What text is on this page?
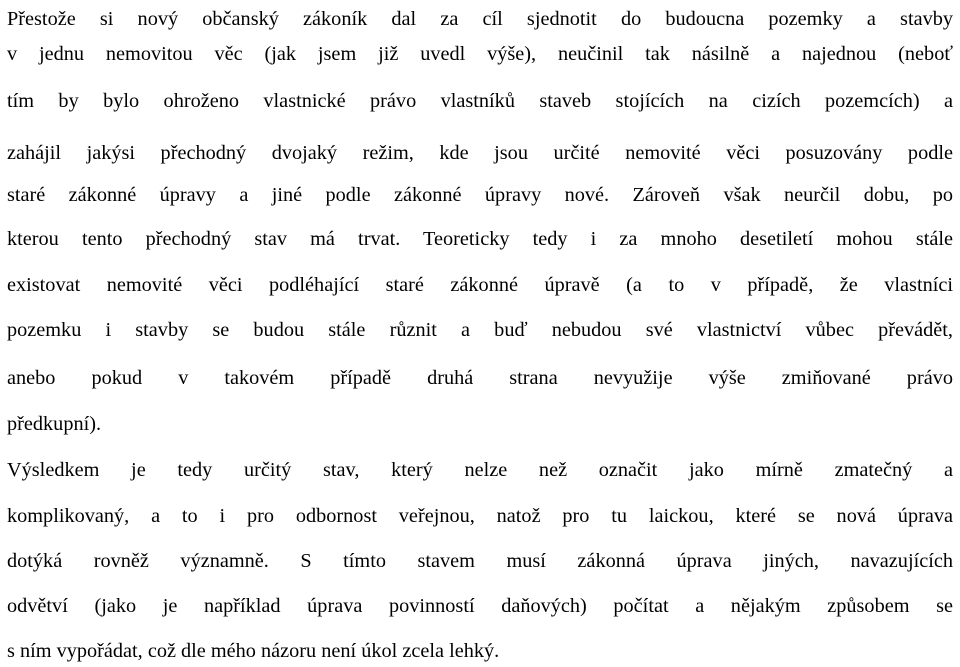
Přestože si nový občanský zákoník dal za cíl sjednotit do budoucna pozemky a stavby
v jednu nemovitou věc (jak jsem již uvedl výše), neučinil tak násilně a najednou (neboť
tím by bylo ohroženo vlastnické právo vlastníků staveb stojících na cizích pozemcích) a
zahájil jakýsi přechodný dvojaký režim, kde jsou určité nemovité věci posuzovány podle
staré zákonné úpravy a jiné podle zákonné úpravy nové. Zároveň však neurčil dobu, po
kterou tento přechodný stav má trvat. Teoreticky tedy i za mnoho desetiletí mohou stále
existovat nemovité věci podléhající staré zákonné úpravě (a to v případě, že vlastníci
pozemku i stavby se budou stále různit a buď nebudou své vlastnictví vůbec převádět,
anebo pokud v takovém případě druhá strana nevyužije výše zmiňované právo
předkupní).
Výsledkem je tedy určitý stav, který nelze než označit jako mírně zmatečný a
komplikovaný, a to i pro odbornost veřejnou, natož pro tu laickou, které se nová úprava
dotýká rovněž významně. S tímto stavem musí zákonná úprava jiných, navazujících
odvětví (jako je například úprava povinností daňových) počítat a nějakým způsobem se
s ním vypořádat, což dle mého názoru není úkol zcela lehký.
